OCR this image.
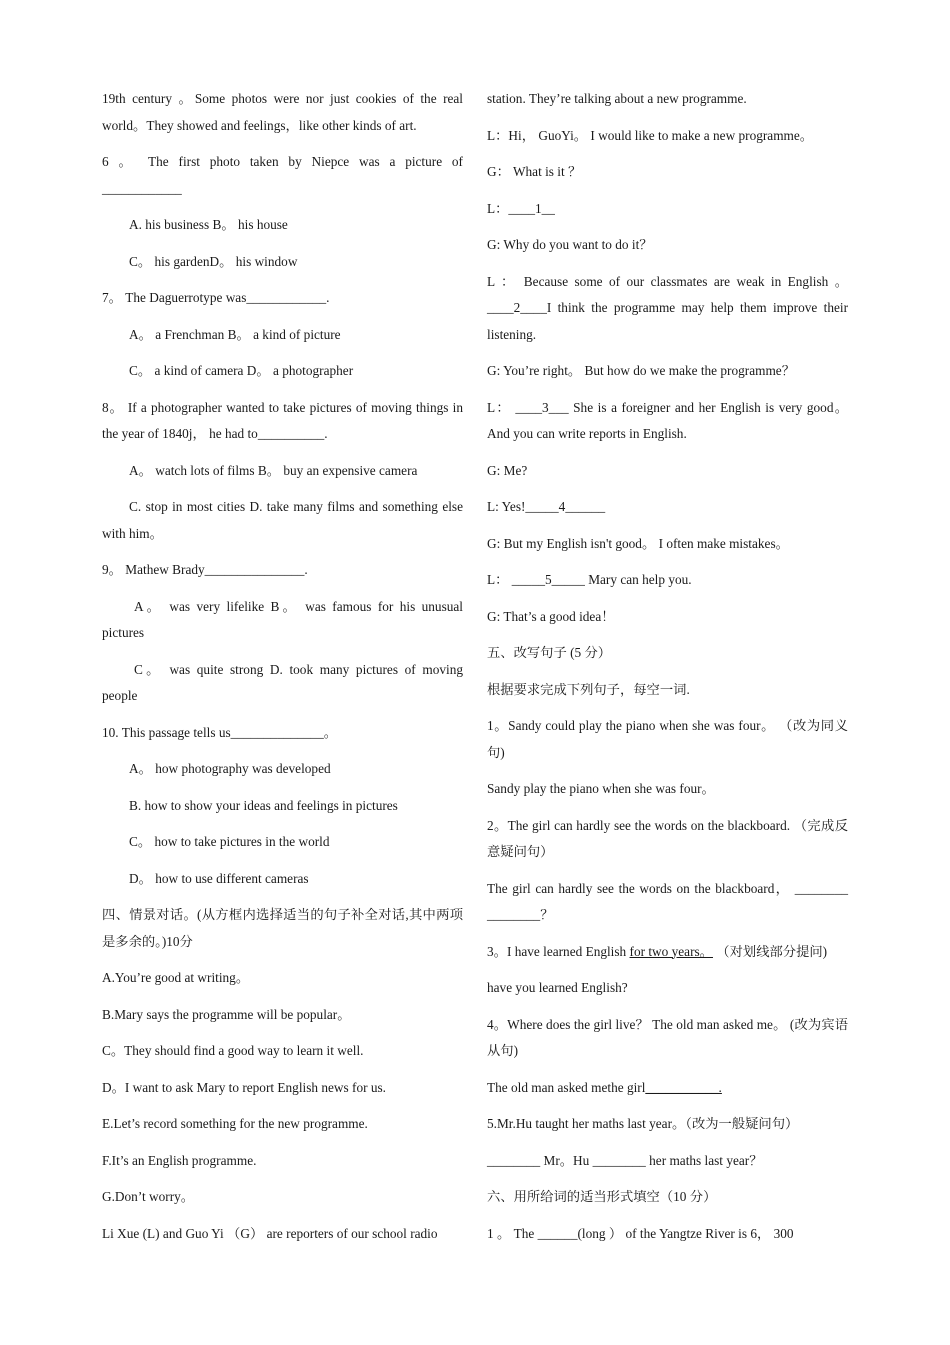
19th century 。Some photos were nor just cookies of the real world。They showed and feelings，like other kinds of art.

6 。 The first photo taken by Niepce was a picture of ____________

A. his business B。 his house

C。 his gardenD。 his window

7。 The Daguerrotype was____________.

A。 a Frenchman B。 a kind of picture

C。 a kind of camera D。 a photographer

8。 If a photographer wanted to take pictures of moving things in the year of 1840j， he had to__________.

A。 watch lots of films B。 buy an expensive camera

C. stop in most cities D. take many films and something else with him。

9。 Mathew Brady_______________.

A。 was very lifelike B。 was famous for his unusual pictures

C。 was quite strong D. took many pictures of moving people

10. This passage tells us______________。

A。 how photography was developed

B. how to show your ideas and feelings in pictures

C。 how to take pictures in the world

D。 how to use different cameras

四、情景对话。(从方框内选择适当的句子补全对话,其中两项是多余的。)10分

A.You’re good at writing。

B.Mary says the programme will be popular。

C。They should find a good way to learn it well.

D。I want to ask Mary to report English news for us.

E.Let’s record something for the new programme.

F.It’s an English programme.

G.Don’t worry。

Li Xue (L) and Guo Yi （G） are reporters of our school radio

station. They’re talking about a new programme.

L：Hi， GuoYi。 I would like to make a new programme。

G： What is it ？

L：____1__

G: Why do you want to do it？

L ： Because some of our classmates are weak in English 。____2____I think the programme may help them improve their listening.

G: You’re right。 But how do we make the programme？

L： ____3___ She is a foreigner and her English is very good。 And you can write reports in English.

G: Me?

L: Yes!_____4______

G: But my English isn't good。 I often make mistakes。

L： _____5_____ Mary can help you.

G: That’s a good idea！

五、改写句子 (5 分）

根据要求完成下列句子，每空一词.

1。Sandy could play the piano when she was four。 （改为同义句)

Sandy play the piano when she was four。

2。The girl can hardly see the words on the blackboard. （完成反意疑问句）

The girl can hardly see the words on the blackboard， ________ ________？

3。I have learned English for two years。 （对划线部分提问)

have you learned English?

4。Where does the girl live？ The old man asked me。 (改为宾语从句)

The old man asked methe girl___________.

5.Mr.Hu taught her maths last year。（改为一般疑问句）

________ Mr。Hu ________ her maths last year？

六、用所给词的适当形式填空（10 分）

1 。 The ______(long ） of the Yangtze River is 6， 300
